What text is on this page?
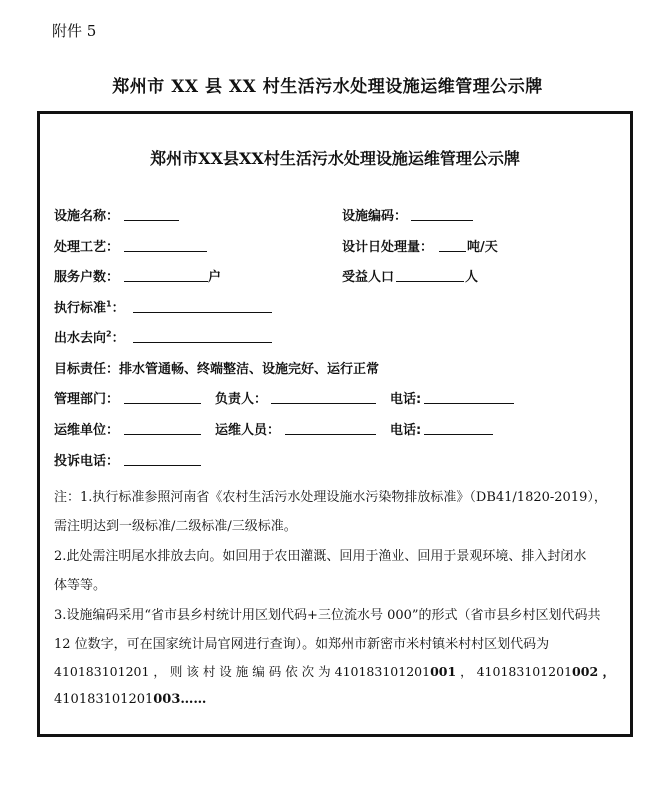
附件 5
郑州市 XX 县 XX 村生活污水处理设施运维管理公示牌
郑州市XX县XX村生活污水处理设施运维管理公示牌
设施名称：	设施编码：
处理工艺：	设计日处理量：	吨/天
服务户数：	户	受益人口	人
执行标准$^1$：
出水去向$^2$：
目标责任：排水管通畅、终端整洁、设施完好、运行正常
管理部门：	负责人：	电话:
运维单位：	运维人员：	电话:
投诉电话：
注：1.执行标准参照河南省《农村生活污水处理设施水污染物排放标准》（DB41/1820-2019），
需注明达到一级标准/二级标准/三级标准。
2.此处需注明尾水排放去向。如回用于农田灌溉、回用于渔业、回用于景观环境、排入封闭水
体等等。
3.设施编码采用“省市县乡村统计用区划代码+三位流水号 000”的形式（省市县乡村区划代码共
12 位数字，可在国家统计局官网进行查询）。如郑州市新密市米村镇米村村区划代码为
410183101201 ， 则 该 村 设 施 编 码 依 次 为 410183101201001 ， 410183101201002 ，
410183101201003……
